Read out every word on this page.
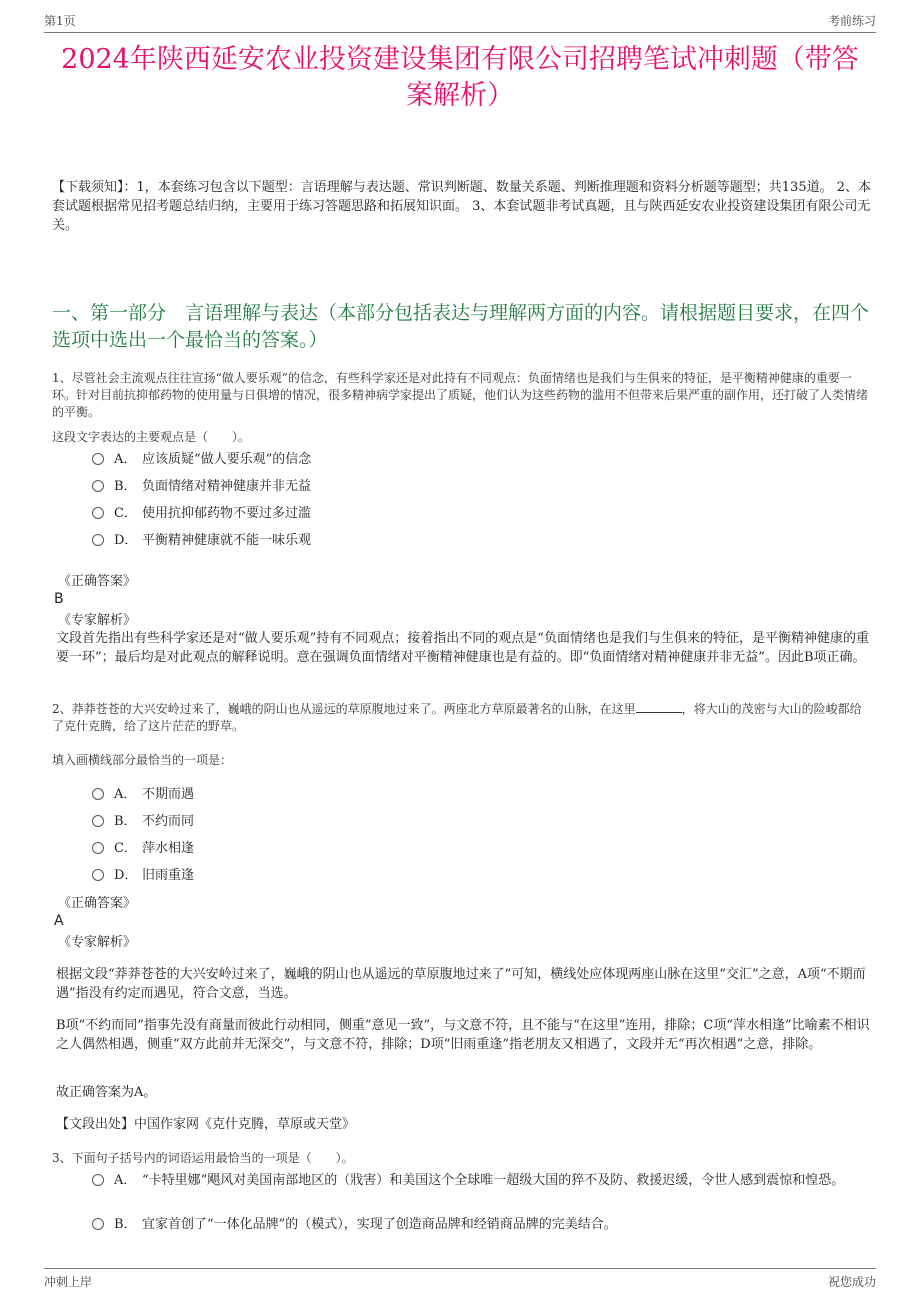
第1页	考前练习
2024年陕西延安农业投资建设集团有限公司招聘笔试冲刺题（带答案解析）
【下载须知】：1，本套练习包含以下题型：言语理解与表达题、常识判断题、数量关系题、判断推理题和资料分析题等题型；共135道。 2、本套试题根据常见招考题总结归纳，主要用于练习答题思路和拓展知识面。 3、本套试题非考试真题，且与陕西延安农业投资建设集团有限公司无关。
一、第一部分　言语理解与表达（本部分包括表达与理解两方面的内容。请根据题目要求，在四个选项中选出一个最恰当的答案。）
1、尽管社会主流观点往往宣扬“做人要乐观”的信念，有些科学家还是对此持有不同观点：负面情绪也是我们与生俱来的特征，是平衡精神健康的重要一环。针对目前抗抑郁药物的使用量与日俱增的情况，很多精神病学家提出了质疑，他们认为这些药物的滥用不但带来后果严重的副作用，还打破了人类情绪的平衡。
这段文字表达的主要观点是（　　）。
A． 应该质疑“做人要乐观”的信念
B． 负面情绪对精神健康并非无益
C． 使用抗抑郁药物不要过多过滥
D． 平衡精神健康就不能一味乐观
《正确答案》
B
《专家解析》
文段首先指出有些科学家还是对“做人要乐观”持有不同观点；接着指出不同的观点是“负面情绪也是我们与生俱来的特征，是平衡精神健康的重要一环”；最后均是对此观点的解释说明。意在强调负面情绪对平衡精神健康也是有益的。即“负面情绪对精神健康并非无益”。因此B项正确。
2、莽莽苍苍的大兴安岭过来了，巍峨的阴山也从遥远的草原腹地过来了。两座北方草原最著名的山脉，在这里	，将大山的茂密与大山的险峻都给了克什克腾，给了这片茫茫的野草。
填入画横线部分最恰当的一项是：
A． 不期而遇
B． 不约而同
C． 萍水相逢
D． 旧雨重逢
《正确答案》
A
《专家解析》
根据文段“莽莽苍苍的大兴安岭过来了，巍峨的阴山也从遥远的草原腹地过来了”可知，横线处应体现两座山脉在这里“交汇”之意，A项“不期而遇”指没有约定而遇见，符合文意，当选。
B项“不约而同”指事先没有商量而彼此行动相同，侧重“意见一致”，与文意不符，且不能与“在这里”连用，排除；C项“萍水相逢”比喻素不相识之人偶然相遇，侧重“双方此前并无深交”，与文意不符，排除；D项“旧雨重逢”指老朋友又相遇了，文段并无“再次相遇”之意，排除。
故正确答案为A。
【文段出处】中国作家网《克什克腾，草原或天堂》
3、下面句子括号内的词语运用最恰当的一项是（　　）。
A． “卡特里娜”飓风对美国南部地区的（戕害）和美国这个全球唯一超级大国的猝不及防、救援迟缓，令世人感到震惊和惶恐。
B． 宜家首创了“一体化品牌”的（模式），实现了创造商品牌和经销商品牌的完美结合。
冲刺上岸	祝您成功
